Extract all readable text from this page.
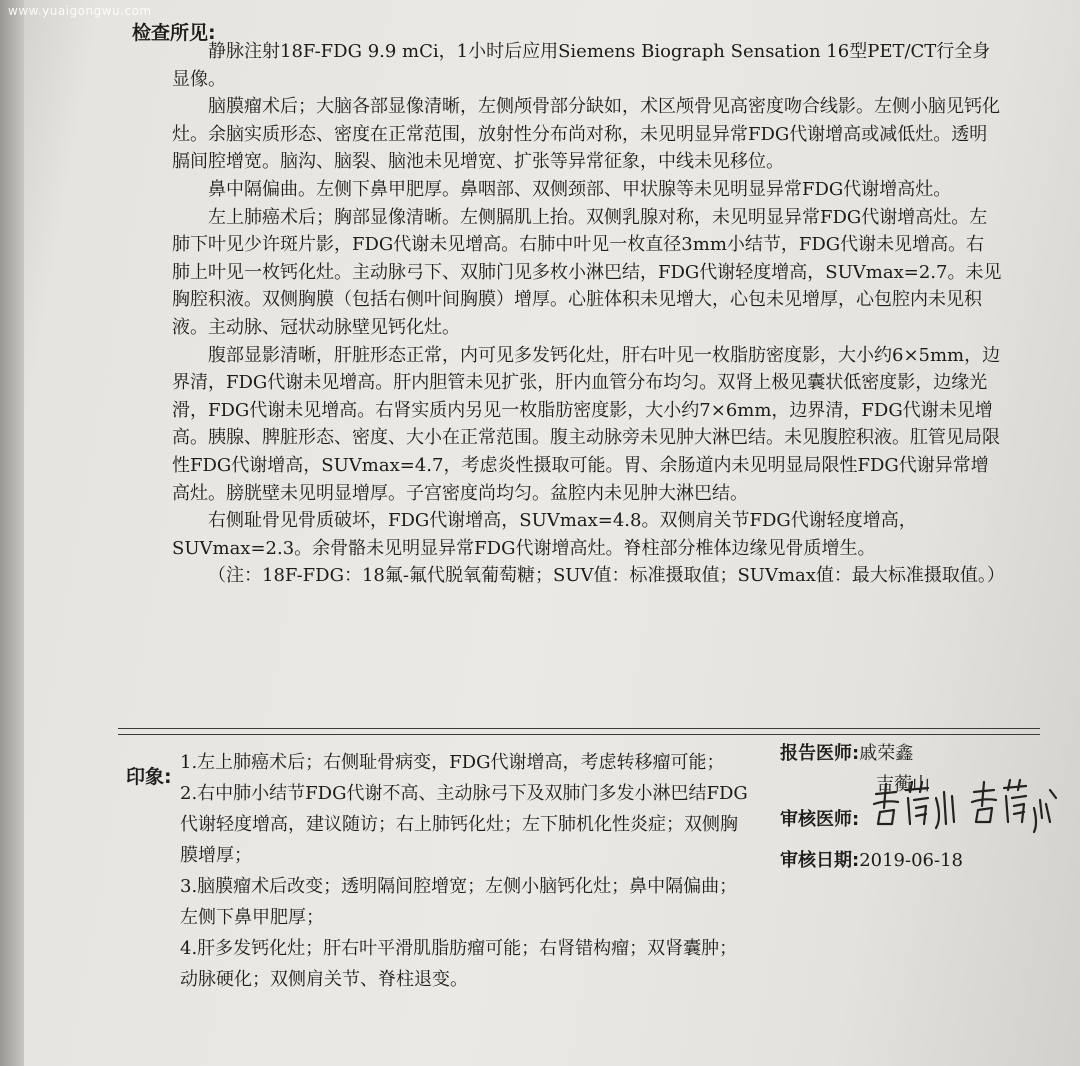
www.yuaigongwu.com
检查所见:

静脉注射18F-FDG 9.9 mCi，1小时后应用Siemens Biograph Sensation 16型PET/CT行全身显像。

脑膜瘤术后；大脑各部显像清晰，左侧颅骨部分缺如，术区颅骨见高密度吻合线影。左侧小脑见钙化灶。余脑实质形态、密度在正常范围，放射性分布尚对称，未见明显异常FDG代谢增高或减低灶。透明膈间腔增宽。脑沟、脑裂、脑池未见增宽、扩张等异常征象，中线未见移位。

鼻中隔偏曲。左侧下鼻甲肥厚。鼻咽部、双侧颈部、甲状腺等未见明显异常FDG代谢增高灶。

左上肺癌术后；胸部显像清晰。左侧膈肌上抬。双侧乳腺对称，未见明显异常FDG代谢增高灶。左肺下叶见少许斑片影，FDG代谢未见增高。右肺中叶见一枚直径3mm小结节，FDG代谢未见增高。右肺上叶见一枚钙化灶。主动脉弓下、双肺门见多枚小淋巴结，FDG代谢轻度增高，SUVmax=2.7。未见胸腔积液。双侧胸膜（包括右侧叶间胸膜）增厚。心脏体积未见增大，心包未见增厚，心包腔内未见积液。主动脉、冠状动脉壁见钙化灶。

腹部显影清晰，肝脏形态正常，内可见多发钙化灶，肝右叶见一枚脂肪密度影，大小约6×5mm，边界清，FDG代谢未见增高。肝内胆管未见扩张，肝内血管分布均匀。双肾上极见囊状低密度影，边缘光滑，FDG代谢未见增高。右肾实质内另见一枚脂肪密度影，大小约7×6mm，边界清，FDG代谢未见增高。胰腺、脾脏形态、密度、大小在正常范围。腹主动脉旁未见肿大淋巴结。未见腹腔积液。肛管见局限性FDG代谢增高，SUVmax=4.7，考虑炎性摄取可能。胃、余肠道内未见明显局限性FDG代谢异常增高灶。膀胱壁未见明显增厚。子宫密度尚均匀。盆腔内未见肿大淋巴结。

右侧耻骨见骨质破坏，FDG代谢增高，SUVmax=4.8。双侧肩关节FDG代谢轻度增高，SUVmax=2.3。余骨骼未见明显异常FDG代谢增高灶。脊柱部分椎体边缘见骨质增生。

（注：18F-FDG：18氟-氟代脱氧葡萄糖；SUV值：标准摄取值；SUVmax值：最大标准摄取值。）

印象:

1.左上肺癌术后；右侧耻骨病变，FDG代谢增高，考虑转移瘤可能；

2.右中肺小结节FDG代谢不高、主动脉弓下及双肺门多发小淋巴结FDG代谢轻度增高，建议随访；右上肺钙化灶；左下肺机化性炎症；双侧胸膜增厚；

3.脑膜瘤术后改变；透明隔间腔增宽；左侧小脑钙化灶；鼻中隔偏曲；左侧下鼻甲肥厚；

4.肝多发钙化灶；肝右叶平滑肌脂肪瘤可能；右肾错构瘤；双肾囊肿；动脉硬化；双侧肩关节、脊柱退变。

报告医师:戚荣鑫
吉蘅山
审核医师:
审核日期:2019-06-18
